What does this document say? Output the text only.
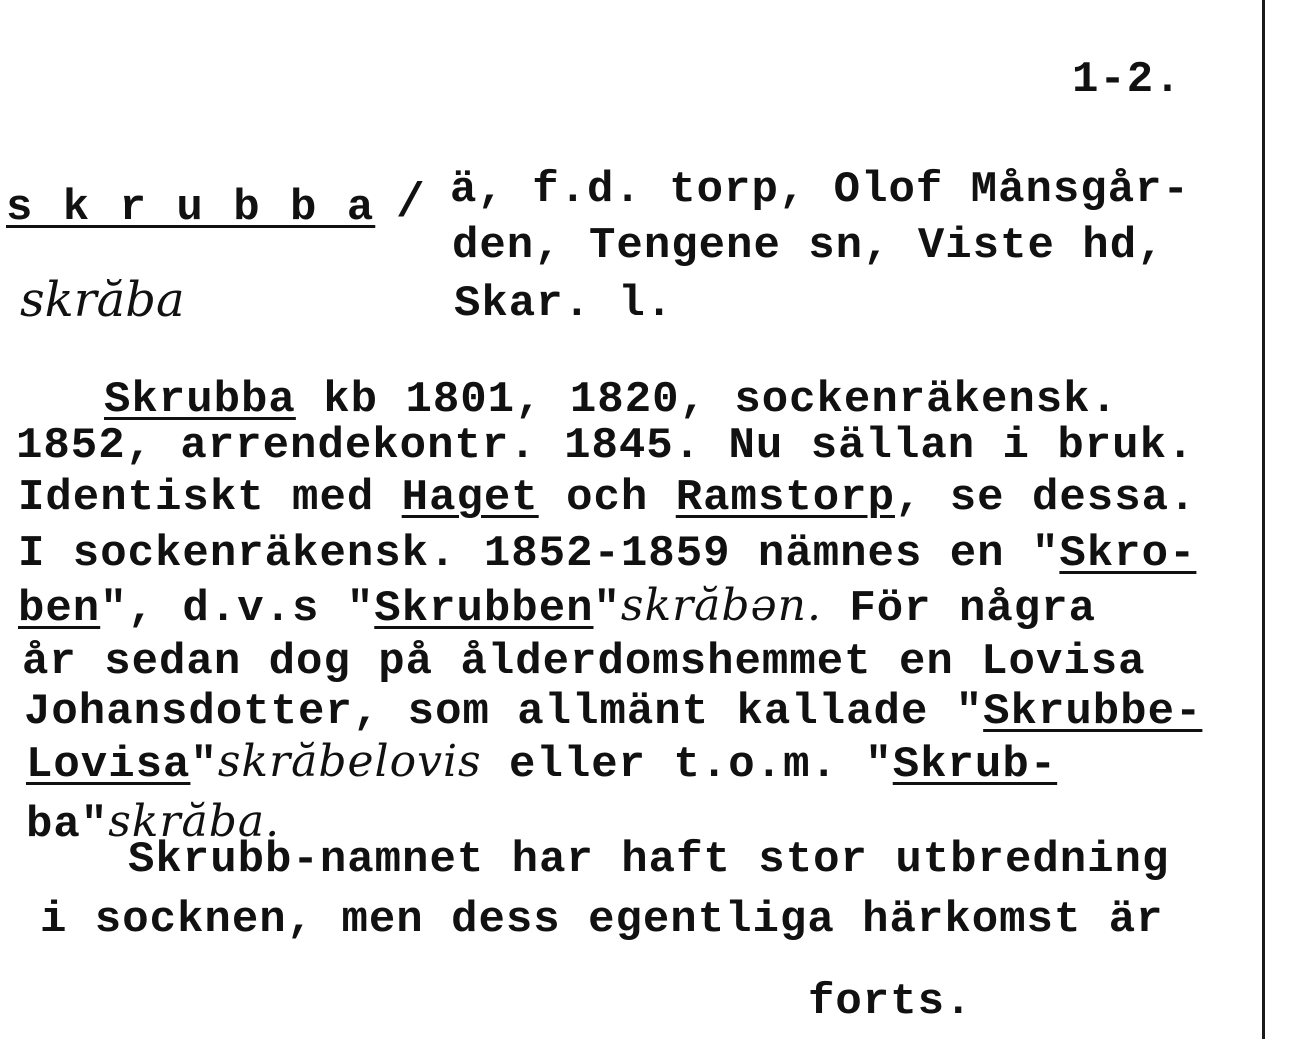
1-2.
s k r u b b a /
skrăba
ä, f.d. torp, Olof Månsgår-
den, Tengene sn, Viste hd,
Skar. l.
Skrubba kb 1801, 1820, sockenräkensk.
1852, arrendekontr. 1845. Nu sällan i bruk.
Identiskt med Haget och Ramstorp, se dessa.
I sockenräkensk. 1852-1859 nämnes en "Skro-
ben", d.v.s "Skrubben"skrăbən. För några
år sedan dog på ålderdomshemmet en Lovisa
Johansdotter, som allmänt kallade "Skrubbe-
Lovisa"skrăbelovis eller t.o.m. "Skrub-
ba"skrăba.
Skrubb-namnet har haft stor utbredning
i socknen, men dess egentliga härkomst är
forts.
